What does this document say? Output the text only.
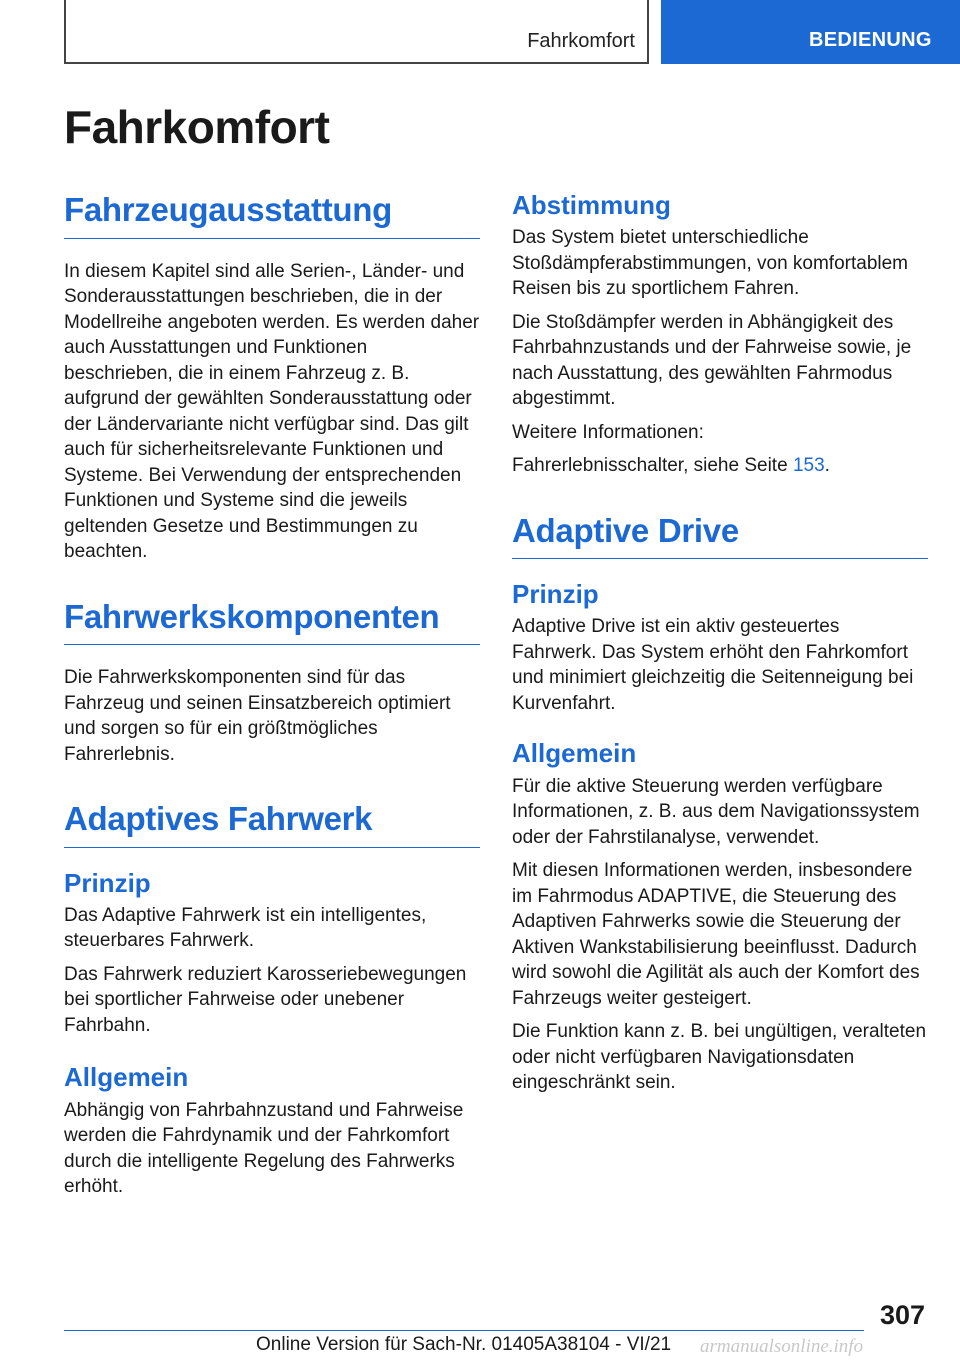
Fahrkomfort	BEDIENUNG
Fahrkomfort
Fahrzeugausstattung

In diesem Kapitel sind alle Serien-, Länder- und Sonderausstattungen beschrieben, die in der Modellreihe angeboten werden. Es werden daher auch Ausstattungen und Funktionen beschrieben, die in einem Fahrzeug z. B. aufgrund der gewählten Sonderausstattung oder der Ländervariante nicht verfügbar sind. Das gilt auch für sicherheitsrelevante Funktionen und Systeme. Bei Verwendung der entsprechenden Funktionen und Systeme sind die jeweils geltenden Gesetze und Bestimmungen zu beachten.

Fahrwerkskomponenten

Die Fahrwerkskomponenten sind für das Fahrzeug und seinen Einsatzbereich optimiert und sorgen so für ein größtmögliches Fahrerlebnis.

Adaptives Fahrwerk
Prinzip

Das Adaptive Fahrwerk ist ein intelligentes, steuerbares Fahrwerk.

Das Fahrwerk reduziert Karosseriebewegungen bei sportlicher Fahrweise oder unebener Fahrbahn.

Allgemein

Abhängig von Fahrbahnzustand und Fahrweise werden die Fahrdynamik und der Fahrkomfort durch die intelligente Regelung des Fahrwerks erhöht.

Abstimmung

Das System bietet unterschiedliche Stoßdämpferabstimmungen, von komfortablem Reisen bis zu sportlichem Fahren.

Die Stoßdämpfer werden in Abhängigkeit des Fahrbahnzustands und der Fahrweise sowie, je nach Ausstattung, des gewählten Fahrmodus abgestimmt.

Weitere Informationen:

Fahrerlebnisschalter, siehe Seite 153.

Adaptive Drive
Prinzip

Adaptive Drive ist ein aktiv gesteuertes Fahrwerk. Das System erhöht den Fahrkomfort und minimiert gleichzeitig die Seitenneigung bei Kurvenfahrt.

Allgemein

Für die aktive Steuerung werden verfügbare Informationen, z. B. aus dem Navigationssystem oder der Fahrstilanalyse, verwendet.

Mit diesen Informationen werden, insbesondere im Fahrmodus ADAPTIVE, die Steuerung des Adaptiven Fahrwerks sowie die Steuerung der Aktiven Wankstabilisierung beeinflusst. Dadurch wird sowohl die Agilität als auch der Komfort des Fahrzeugs weiter gesteigert.

Die Funktion kann z. B. bei ungültigen, veralteten oder nicht verfügbaren Navigationsdaten eingeschränkt sein.

307
Online Version für Sach-Nr. 01405A38104 - VI/21 armanualsonline.info
